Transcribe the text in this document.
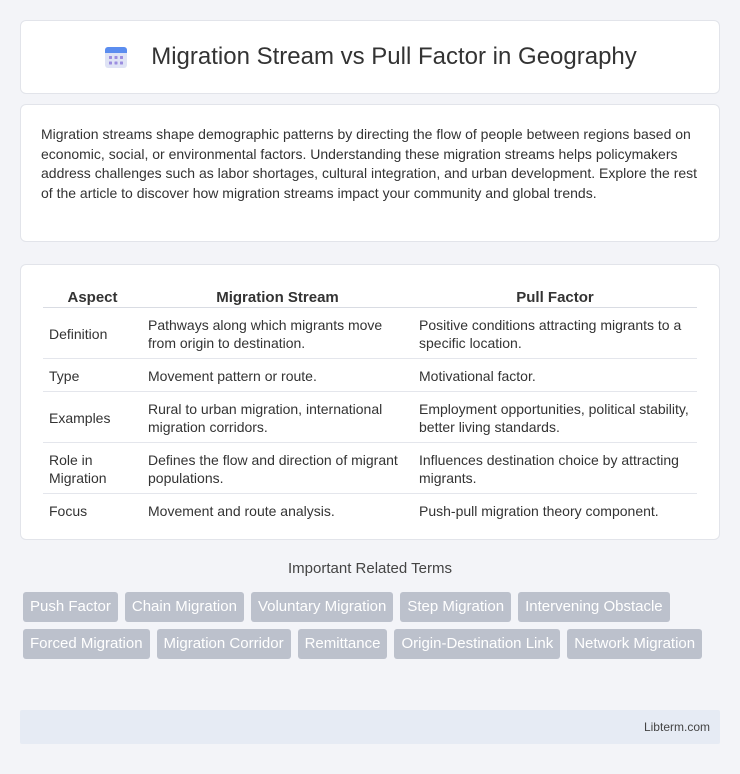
Migration Stream vs Pull Factor in Geography

Migration streams shape demographic patterns by directing the flow of people between regions based on economic, social, or environmental factors. Understanding these migration streams helps policymakers address challenges such as labor shortages, cultural integration, and urban development. Explore the rest of the article to discover how migration streams impact your community and global trends.

Aspect	Migration Stream	Pull Factor
Definition	Pathways along which migrants move from origin to destination.	Positive conditions attracting migrants to a specific location.
Type	Movement pattern or route.	Motivational factor.
Examples	Rural to urban migration, international migration corridors.	Employment opportunities, political stability, better living standards.
Role in Migration	Defines the flow and direction of migrant populations.	Influences destination choice by attracting migrants.
Focus	Movement and route analysis.	Push-pull migration theory component.
Important Related Terms
Push Factor	Chain Migration	Voluntary Migration	Step Migration	Intervening Obstacle
Forced Migration	Migration Corridor	Remittance	Origin-Destination Link	Network Migration
Libterm.com
